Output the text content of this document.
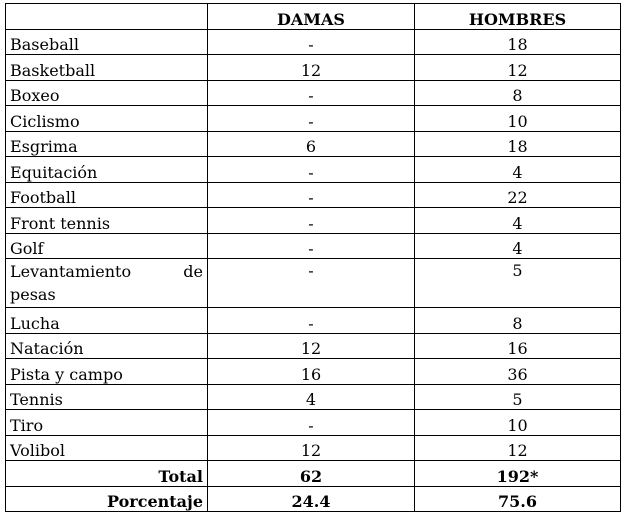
	DAMAS	HOMBRES
Baseball	-	18
Basketball	12	12
Boxeo	-	8
Ciclismo	-	10
Esgrima	6	18
Equitación	-	4
Football	-	22
Front tennis	-	4
Golf	-	4
Levantamiento de pesas	-	5
Lucha	-	8
Natación	12	16
Pista y campo	16	36
Tennis	4	5
Tiro	-	10
Volibol	12	12
Total	62	192*
Porcentaje	24.4	75.6
